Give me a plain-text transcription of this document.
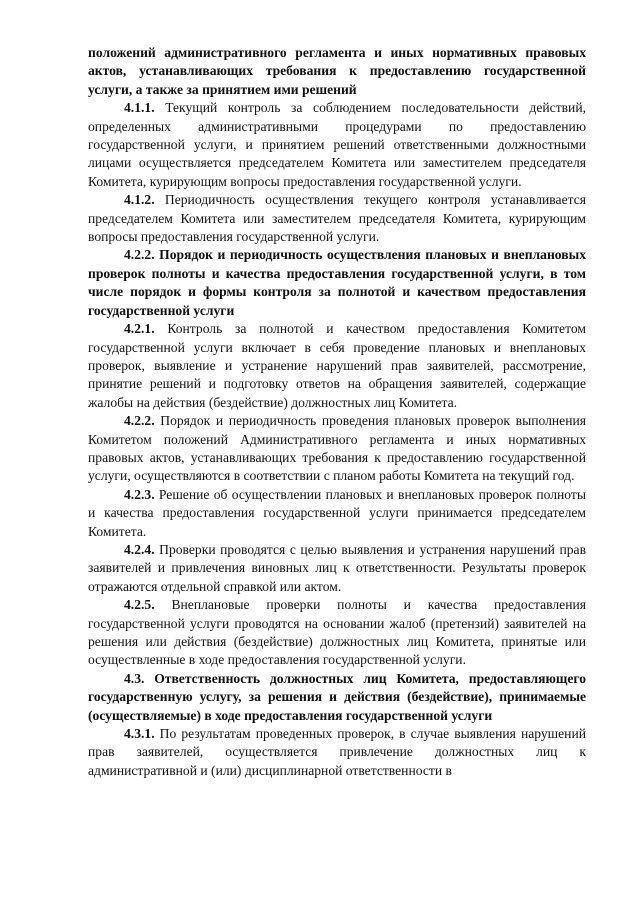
положений административного регламента и иных нормативных правовых актов, устанавливающих требования к предоставлению государственной услуги, а также за принятием ими решений

4.1.1. Текущий контроль за соблюдением последовательности действий, определенных административными процедурами по предоставлению государственной услуги, и принятием решений ответственными должностными лицами осуществляется председателем Комитета или заместителем председателя Комитета, курирующим вопросы предоставления государственной услуги.

4.1.2. Периодичность осуществления текущего контроля устанавливается председателем Комитета или заместителем председателя Комитета, курирующим вопросы предоставления государственной услуги.

4.2.2. Порядок и периодичность осуществления плановых и внеплановых проверок полноты и качества предоставления государственной услуги, в том числе порядок и формы контроля за полнотой и качеством предоставления государственной услуги

4.2.1. Контроль за полнотой и качеством предоставления Комитетом государственной услуги включает в себя проведение плановых и внеплановых проверок, выявление и устранение нарушений прав заявителей, рассмотрение, принятие решений и подготовку ответов на обращения заявителей, содержащие жалобы на действия (бездействие) должностных лиц Комитета.

4.2.2. Порядок и периодичность проведения плановых проверок выполнения Комитетом положений Административного регламента и иных нормативных правовых актов, устанавливающих требования к предоставлению государственной услуги, осуществляются в соответствии с планом работы Комитета на текущий год.

4.2.3. Решение об осуществлении плановых и внеплановых проверок полноты и качества предоставления государственной услуги принимается председателем Комитета.

4.2.4. Проверки проводятся с целью выявления и устранения нарушений прав заявителей и привлечения виновных лиц к ответственности. Результаты проверок отражаются отдельной справкой или актом.

4.2.5. Внеплановые проверки полноты и качества предоставления государственной услуги проводятся на основании жалоб (претензий) заявителей на решения или действия (бездействие) должностных лиц Комитета, принятые или осуществленные в ходе предоставления государственной услуги.

4.3. Ответственность должностных лиц Комитета, предоставляющего государственную услугу, за решения и действия (бездействие), принимаемые (осуществляемые) в ходе предоставления государственной услуги

4.3.1. По результатам проведенных проверок, в случае выявления нарушений прав заявителей, осуществляется привлечение должностных лиц к административной и (или) дисциплинарной ответственности в
